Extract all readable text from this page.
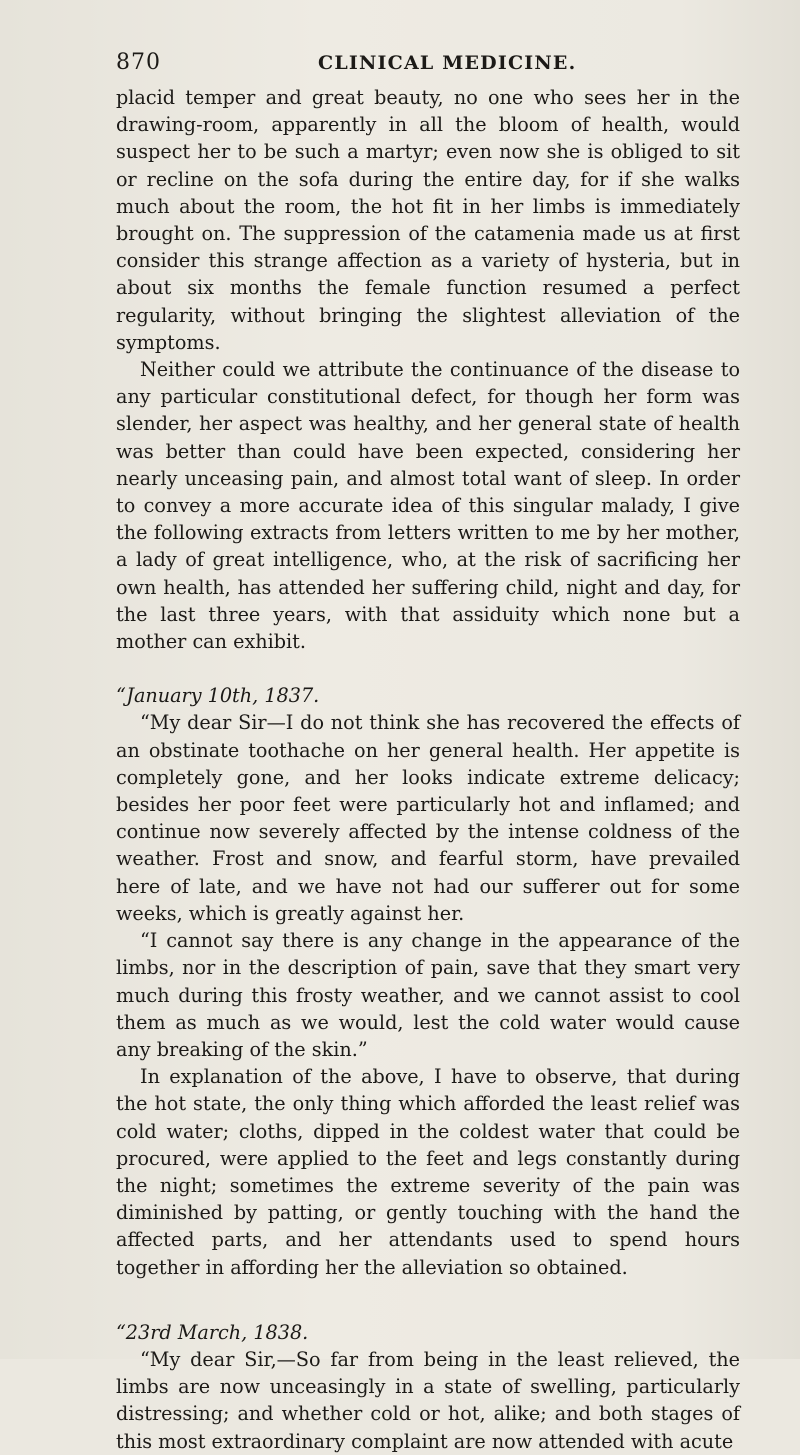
870	CLINICAL MEDICINE.

placid temper and great beauty, no one who sees her in the drawing-room, apparently in all the bloom of health, would suspect her to be such a martyr; even now she is obliged to sit or recline on the sofa during the entire day, for if she walks much about the room, the hot fit in her limbs is immediately brought on. The suppression of the catamenia made us at first consider this strange affection as a variety of hysteria, but in about six months the female function resumed a perfect regularity, without bringing the slightest alleviation of the symptoms.

Neither could we attribute the continuance of the disease to any particular constitutional defect, for though her form was slender, her aspect was healthy, and her general state of health was better than could have been expected, considering her nearly unceasing pain, and almost total want of sleep. In order to convey a more accurate idea of this singular malady, I give the following extracts from letters written to me by her mother, a lady of great intelligence, who, at the risk of sacrificing her own health, has attended her suffering child, night and day, for the last three years, with that assiduity which none but a mother can exhibit.

“January 10th, 1837.

“My dear Sir—I do not think she has recovered the effects of an obstinate toothache on her general health. Her appetite is completely gone, and her looks indicate extreme delicacy; besides her poor feet were particularly hot and inflamed; and continue now severely affected by the intense coldness of the weather. Frost and snow, and fearful storm, have prevailed here of late, and we have not had our sufferer out for some weeks, which is greatly against her.

“I cannot say there is any change in the appearance of the limbs, nor in the description of pain, save that they smart very much during this frosty weather, and we cannot assist to cool them as much as we would, lest the cold water would cause any breaking of the skin.”

In explanation of the above, I have to observe, that during the hot state, the only thing which afforded the least relief was cold water; cloths, dipped in the coldest water that could be procured, were applied to the feet and legs constantly during the night; sometimes the extreme severity of the pain was diminished by patting, or gently touching with the hand the affected parts, and her attendants used to spend hours together in affording her the alleviation so obtained.

“23rd March, 1838.

“My dear Sir,—So far from being in the least relieved, the limbs are now unceasingly in a state of swelling, particularly distressing; and whether cold or hot, alike; and both stages of this most extraordinary complaint are now attended with acute
